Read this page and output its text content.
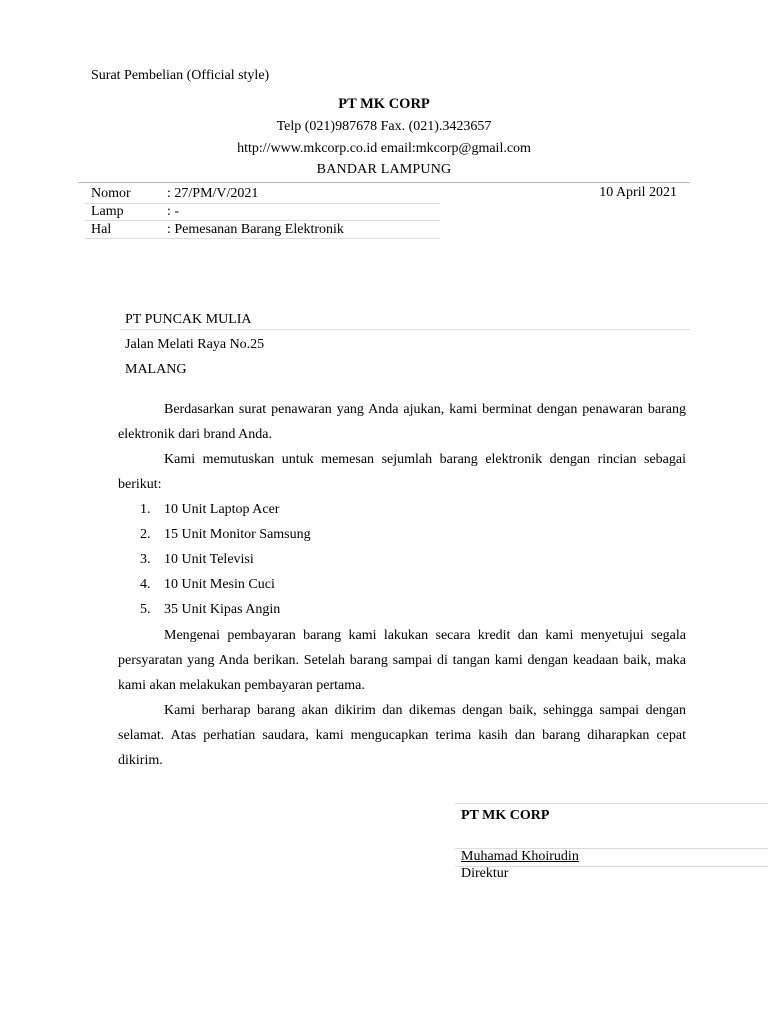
Surat Pembelian (Official style)
PT MK CORP
Telp (021)987678 Fax. (021).3423657
http://www.mkcorp.co.id email:mkcorp@gmail.com
BANDAR LAMPUNG
Nomor	: 27/PM/V/2021
Lamp	: -
Hal	: Pemesanan Barang Elektronik
10 April 2021
PT PUNCAK MULIA
Jalan Melati Raya No.25
MALANG
Berdasarkan surat penawaran yang Anda ajukan, kami berminat dengan penawaran barang elektronik dari brand Anda.
Kami memutuskan untuk memesan sejumlah barang elektronik dengan rincian sebagai berikut:
1. 10 Unit Laptop Acer
2. 15 Unit Monitor Samsung
3. 10 Unit Televisi
4. 10 Unit Mesin Cuci
5. 35 Unit Kipas Angin
Mengenai pembayaran barang kami lakukan secara kredit dan kami menyetujui segala persyaratan yang Anda berikan. Setelah barang sampai di tangan kami dengan keadaan baik, maka kami akan melakukan pembayaran pertama.
Kami berharap barang akan dikirim dan dikemas dengan baik, sehingga sampai dengan selamat. Atas perhatian saudara, kami mengucapkan terima kasih dan barang diharapkan cepat dikirim.
PT MK CORP
Muhamad Khoirudin
Direktur
